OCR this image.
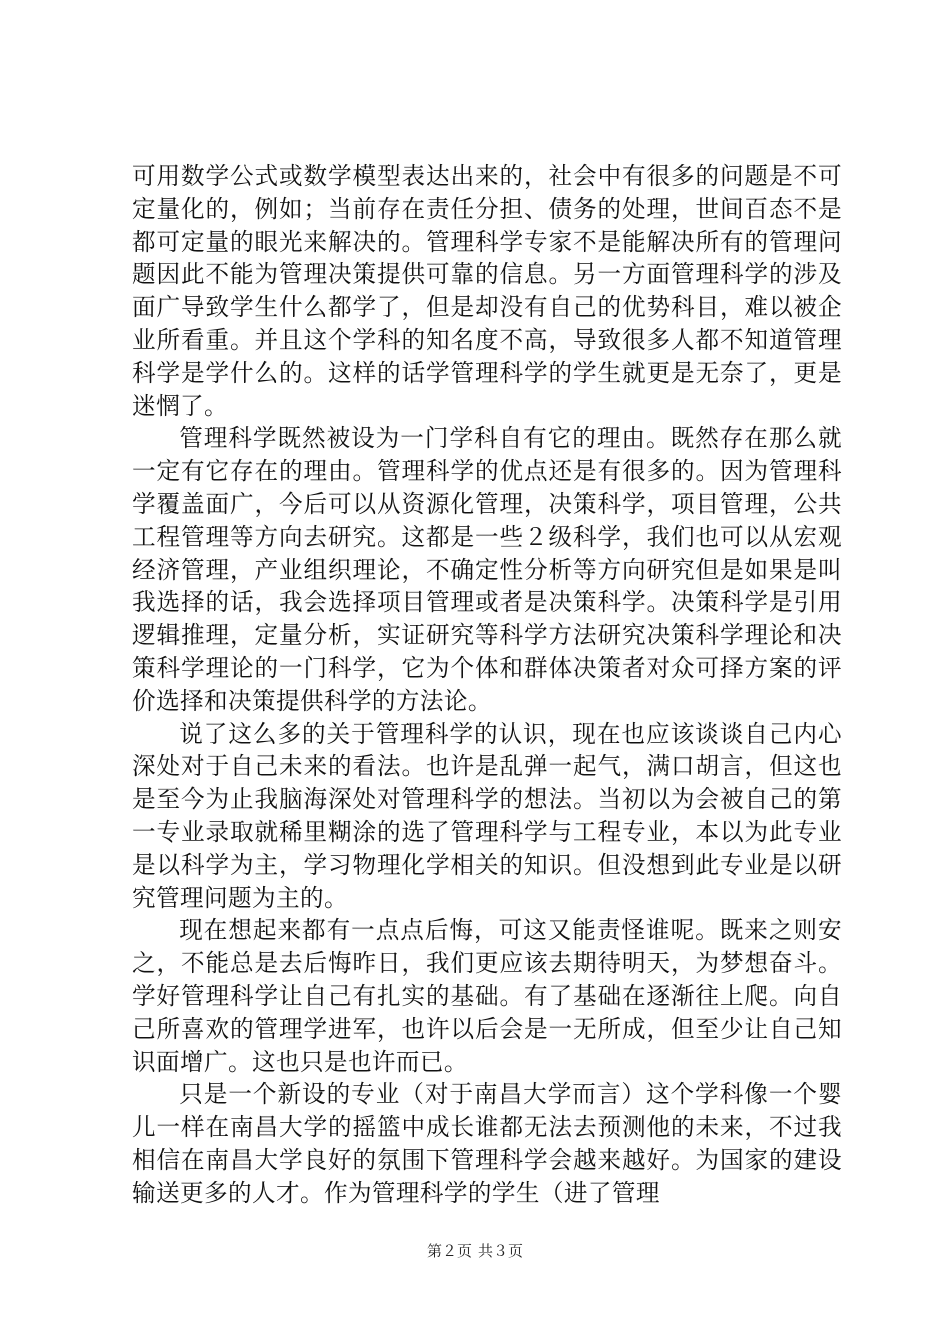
可用数学公式或数学模型表达出来的，社会中有很多的问题是不可定量化的，例如；当前存在责任分担、债务的处理，世间百态不是都可定量的眼光来解决的。管理科学专家不是能解决所有的管理问题因此不能为管理决策提供可靠的信息。另一方面管理科学的涉及面广导致学生什么都学了，但是却没有自己的优势科目，难以被企业所看重。并且这个学科的知名度不高，导致很多人都不知道管理科学是学什么的。这样的话学管理科学的学生就更是无奈了，更是迷惘了。

管理科学既然被设为一门学科自有它的理由。既然存在那么就一定有它存在的理由。管理科学的优点还是有很多的。因为管理科学覆盖面广，今后可以从资源化管理，决策科学，项目管理，公共工程管理等方向去研究。这都是一些２级科学，我们也可以从宏观经济管理，产业组织理论，不确定性分析等方向研究但是如果是叫我选择的话，我会选择项目管理或者是决策科学。决策科学是引用逻辑推理，定量分析，实证研究等科学方法研究决策科学理论和决策科学理论的一门科学，它为个体和群体决策者对众可择方案的评价选择和决策提供科学的方法论。

说了这么多的关于管理科学的认识，现在也应该谈谈自己内心深处对于自己未来的看法。也许是乱弹一起气，满口胡言，但这也是至今为止我脑海深处对管理科学的想法。当初以为会被自己的第一专业录取就稀里糊涂的选了管理科学与工程专业，本以为此专业是以科学为主，学习物理化学相关的知识。但没想到此专业是以研究管理问题为主的。

现在想起来都有一点点后悔，可这又能责怪谁呢。既来之则安之，不能总是去后悔昨日，我们更应该去期待明天，为梦想奋斗。学好管理科学让自己有扎实的基础。有了基础在逐渐往上爬。向自己所喜欢的管理学进军，也许以后会是一无所成，但至少让自己知识面增广。这也只是也许而已。

只是一个新设的专业（对于南昌大学而言）这个学科像一个婴儿一样在南昌大学的摇篮中成长谁都无法去预测他的未来，不过我相信在南昌大学良好的氛围下管理科学会越来越好。为国家的建设输送更多的人才。作为管理科学的学生（进了管理

第２页 共３页
